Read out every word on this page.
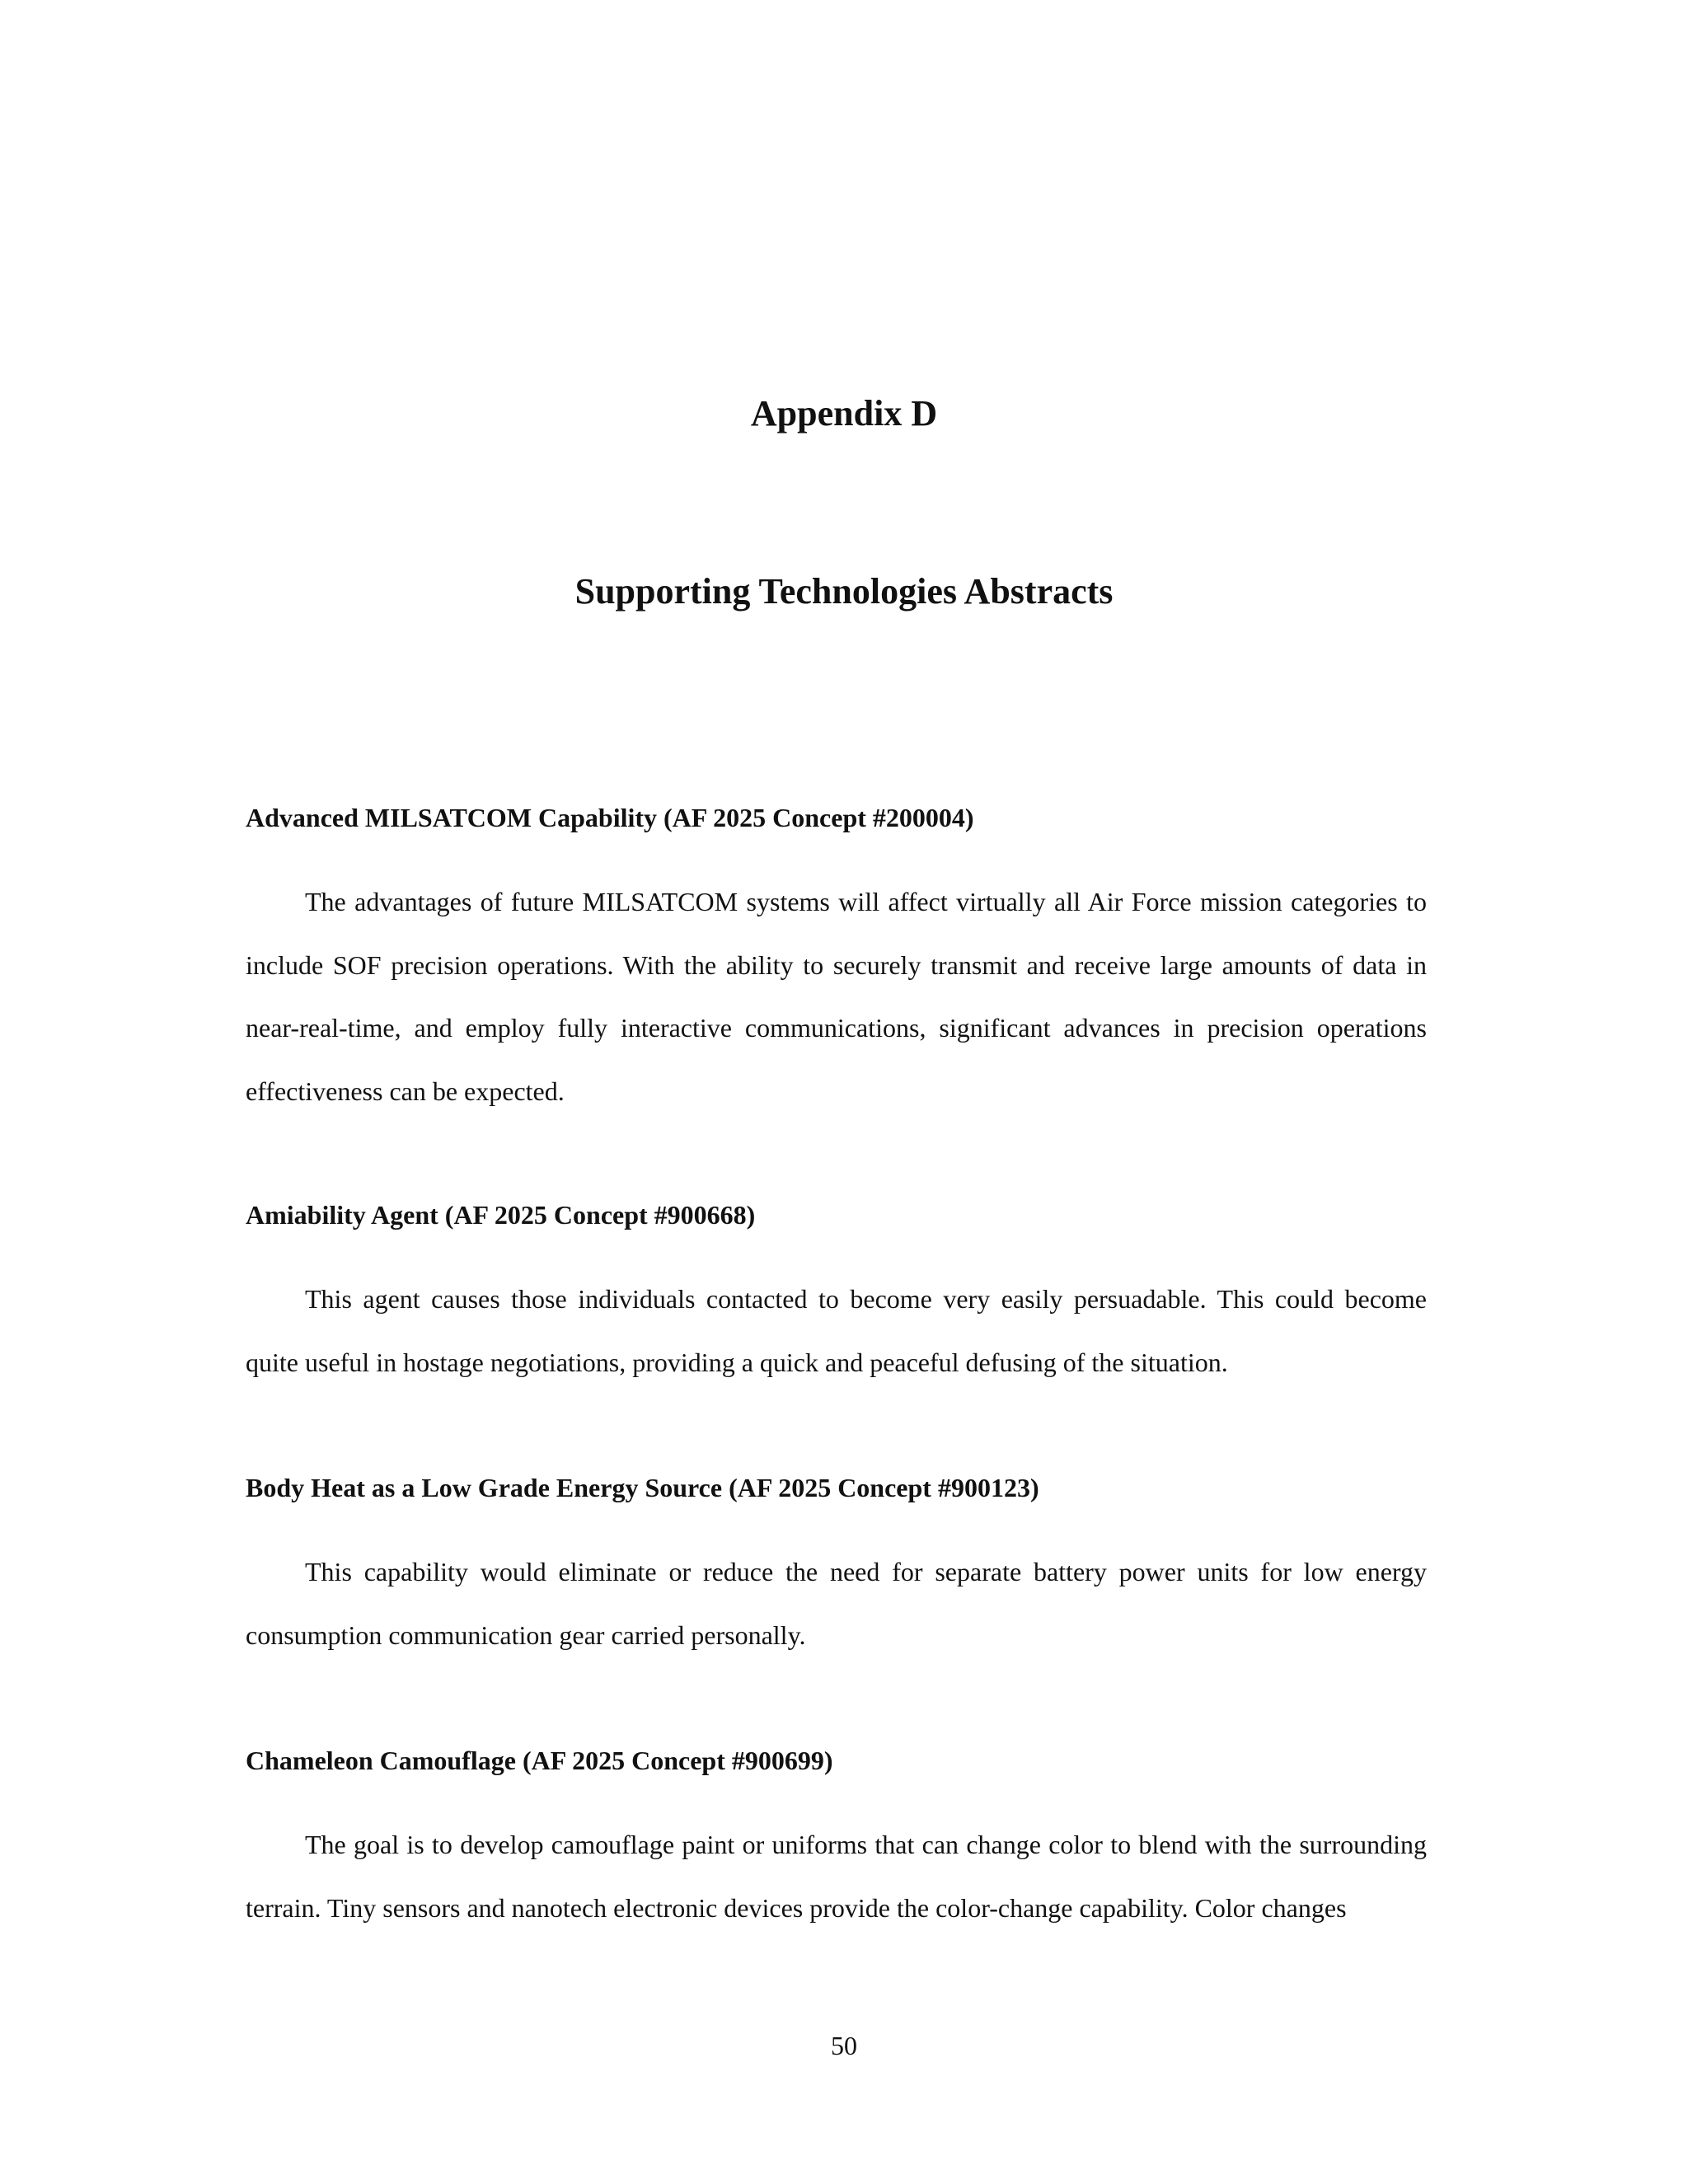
Appendix D
Supporting Technologies Abstracts
Advanced MILSATCOM Capability (AF 2025 Concept #200004)

The advantages of future MILSATCOM systems will affect virtually all Air Force mission categories to include SOF precision operations. With the ability to securely transmit and receive large amounts of data in near-real-time, and employ fully interactive communications, significant advances in precision operations effectiveness can be expected.

Amiability Agent (AF 2025 Concept #900668)

This agent causes those individuals contacted to become very easily persuadable. This could become quite useful in hostage negotiations, providing a quick and peaceful defusing of the situation.

Body Heat as a Low Grade Energy Source (AF 2025 Concept #900123)

This capability would eliminate or reduce the need for separate battery power units for low energy consumption communication gear carried personally.

Chameleon Camouflage (AF 2025 Concept #900699)

The goal is to develop camouflage paint or uniforms that can change color to blend with the surrounding terrain. Tiny sensors and nanotech electronic devices provide the color-change capability. Color changes

50
